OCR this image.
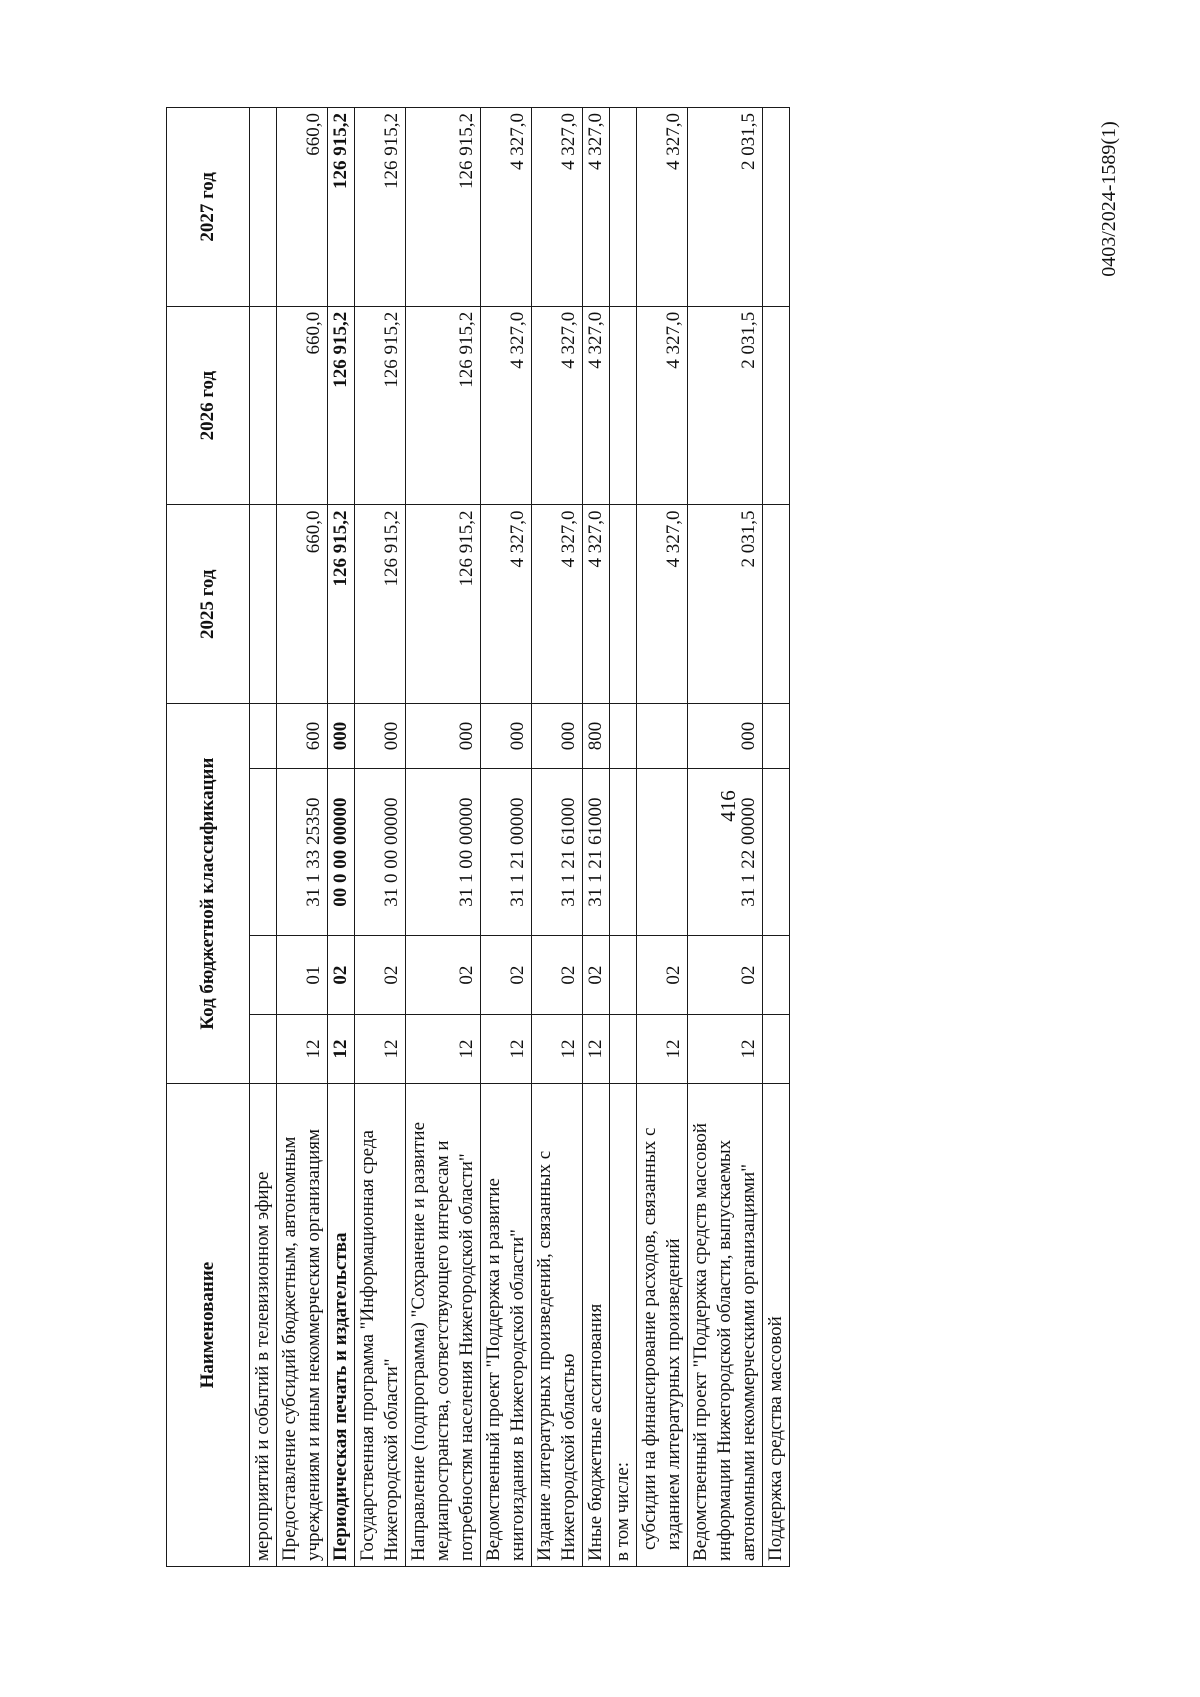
416
0403/2024-1589(1)
Наименование	Код бюджетной классификации				2025 год	2026 год	2027 год
мероприятий и событий в телевизионном эфире							
Предоставление субсидий бюджетным, автономным учреждениям и иным некоммерческим организациям	12	01	31 1 33 25350	600	660,0	660,0	660,0
Периодическая печать и издательства	12	02	00 0 00 00000	000	126 915,2	126 915,2	126 915,2
Государственная программа "Информационная среда Нижегородской области"	12	02	31 0 00 00000	000	126 915,2	126 915,2	126 915,2
Направление (подпрограмма) "Сохранение и развитие медиапространства, соответствующего интересам и потребностям населения Нижегородской области"	12	02	31 1 00 00000	000	126 915,2	126 915,2	126 915,2
Ведомственный проект "Поддержка и развитие книгоиздания в Нижегородской области"	12	02	31 1 21 00000	000	4 327,0	4 327,0	4 327,0
Издание литературных произведений, связанных с Нижегородской областью	12	02	31 1 21 61000	000	4 327,0	4 327,0	4 327,0
Иные бюджетные ассигнования	12	02	31 1 21 61000	800	4 327,0	4 327,0	4 327,0
в том числе:							
субсидии на финансирование расходов, связанных с изданием литературных произведений	12	02			4 327,0	4 327,0	4 327,0
Ведомственный проект "Поддержка средств массовой информации Нижегородской области, выпускаемых автономными некоммерческими организациями"	12	02	31 1 22 00000	000	2 031,5	2 031,5	2 031,5
Поддержка средства массовой							
